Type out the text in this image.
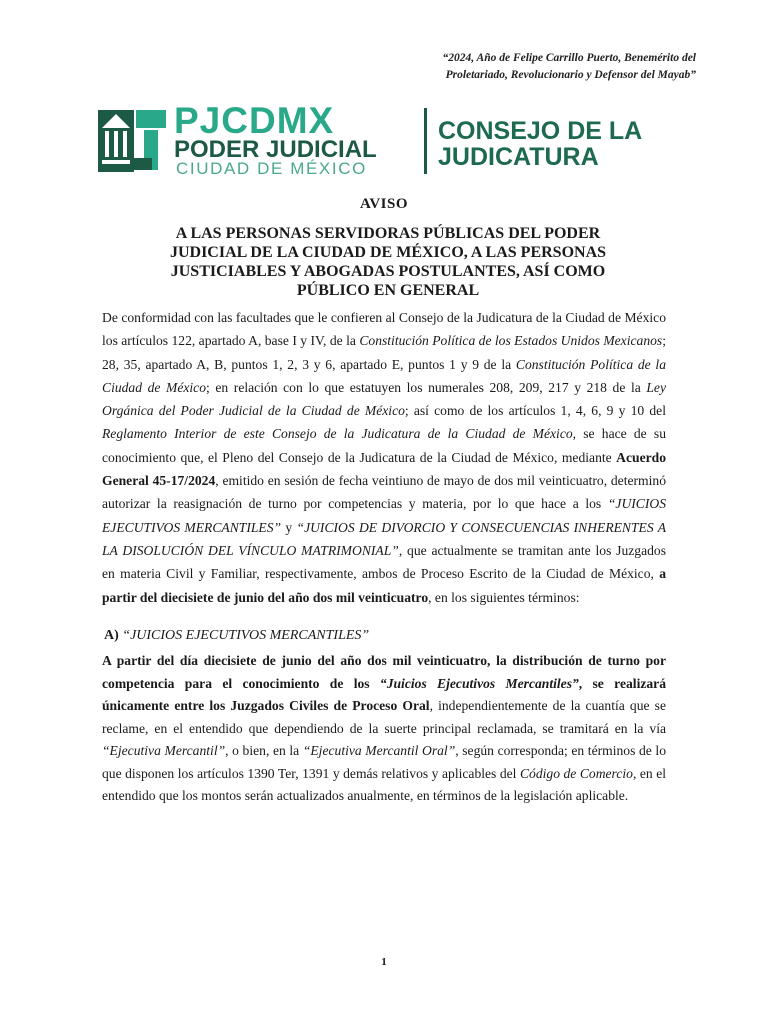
“2024, Año de Felipe Carrillo Puerto, Benemérito del
Proletariado, Revolucionario y Defensor del Mayab”
PJCDMX
PODER JUDICIAL
CIUDAD DE MÉXICO
CONSEJO DE LA
JUDICATURA
AVISO
A LAS PERSONAS SERVIDORAS PÚBLICAS DEL PODER
JUDICIAL DE LA CIUDAD DE MÉXICO, A LAS PERSONAS
JUSTICIABLES Y ABOGADAS POSTULANTES, ASÍ COMO
PÚBLICO EN GENERAL
De conformidad con las facultades que le confieren al Consejo de la Judicatura de la Ciudad de México los artículos 122, apartado A, base I y IV, de la Constitución Política de los Estados Unidos Mexicanos; 28, 35, apartado A, B, puntos 1, 2, 3 y 6, apartado E, puntos 1 y 9 de la Constitución Política de la Ciudad de México; en relación con lo que estatuyen los numerales 208, 209, 217 y 218 de la Ley Orgánica del Poder Judicial de la Ciudad de México; así como de los artículos 1, 4, 6, 9 y 10 del Reglamento Interior de este Consejo de la Judicatura de la Ciudad de México, se hace de su conocimiento que, el Pleno del Consejo de la Judicatura de la Ciudad de México, mediante Acuerdo General 45-17/2024, emitido en sesión de fecha veintiuno de mayo de dos mil veinticuatro, determinó autorizar la reasignación de turno por competencias y materia, por lo que hace a los “JUICIOS EJECUTIVOS MERCANTILES” y “JUICIOS DE DIVORCIO Y CONSECUENCIAS INHERENTES A LA DISOLUCIÓN DEL VÍNCULO MATRIMONIAL”, que actualmente se tramitan ante los Juzgados en materia Civil y Familiar, respectivamente, ambos de Proceso Escrito de la Ciudad de México, a partir del diecisiete de junio del año dos mil veinticuatro, en los siguientes términos:
A) “JUICIOS EJECUTIVOS MERCANTILES”
A partir del día diecisiete de junio del año dos mil veinticuatro, la distribución de turno por competencia para el conocimiento de los “Juicios Ejecutivos Mercantiles”, se realizará únicamente entre los Juzgados Civiles de Proceso Oral, independientemente de la cuantía que se reclame, en el entendido que dependiendo de la suerte principal reclamada, se tramitará en la vía “Ejecutiva Mercantil”, o bien, en la “Ejecutiva Mercantil Oral”, según corresponda; en términos de lo que disponen los artículos 1390 Ter, 1391 y demás relativos y aplicables del Código de Comercio, en el entendido que los montos serán actualizados anualmente, en términos de la legislación aplicable.
1
